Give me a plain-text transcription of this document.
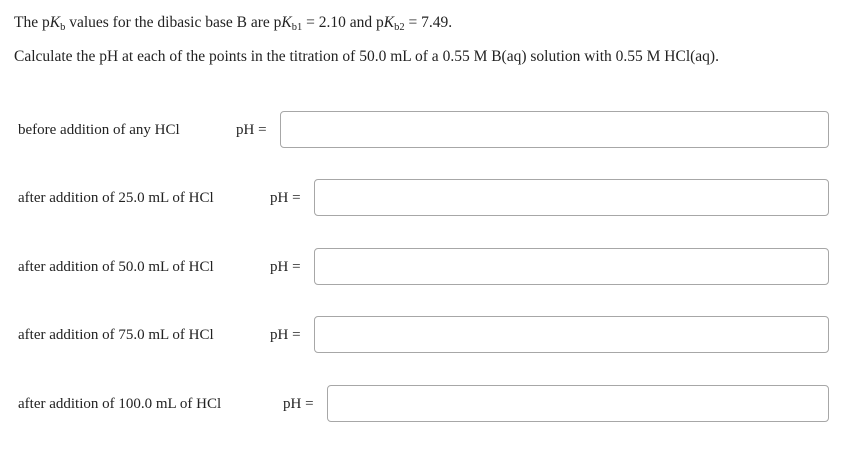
The $pK_b$ values for the dibasic base B are $pK_{b1} = 2.10$ and $pK_{b2} = 7.49$.
Calculate the pH at each of the points in the titration of 50.0 mL of a 0.55 M B(aq) solution with 0.55 M HCl(aq).
before addition of any HCl	pH =
after addition of 25.0 mL of HCl	pH =
after addition of 50.0 mL of HCl	pH =
after addition of 75.0 mL of HCl	pH =
after addition of 100.0 mL of HCl	pH =
